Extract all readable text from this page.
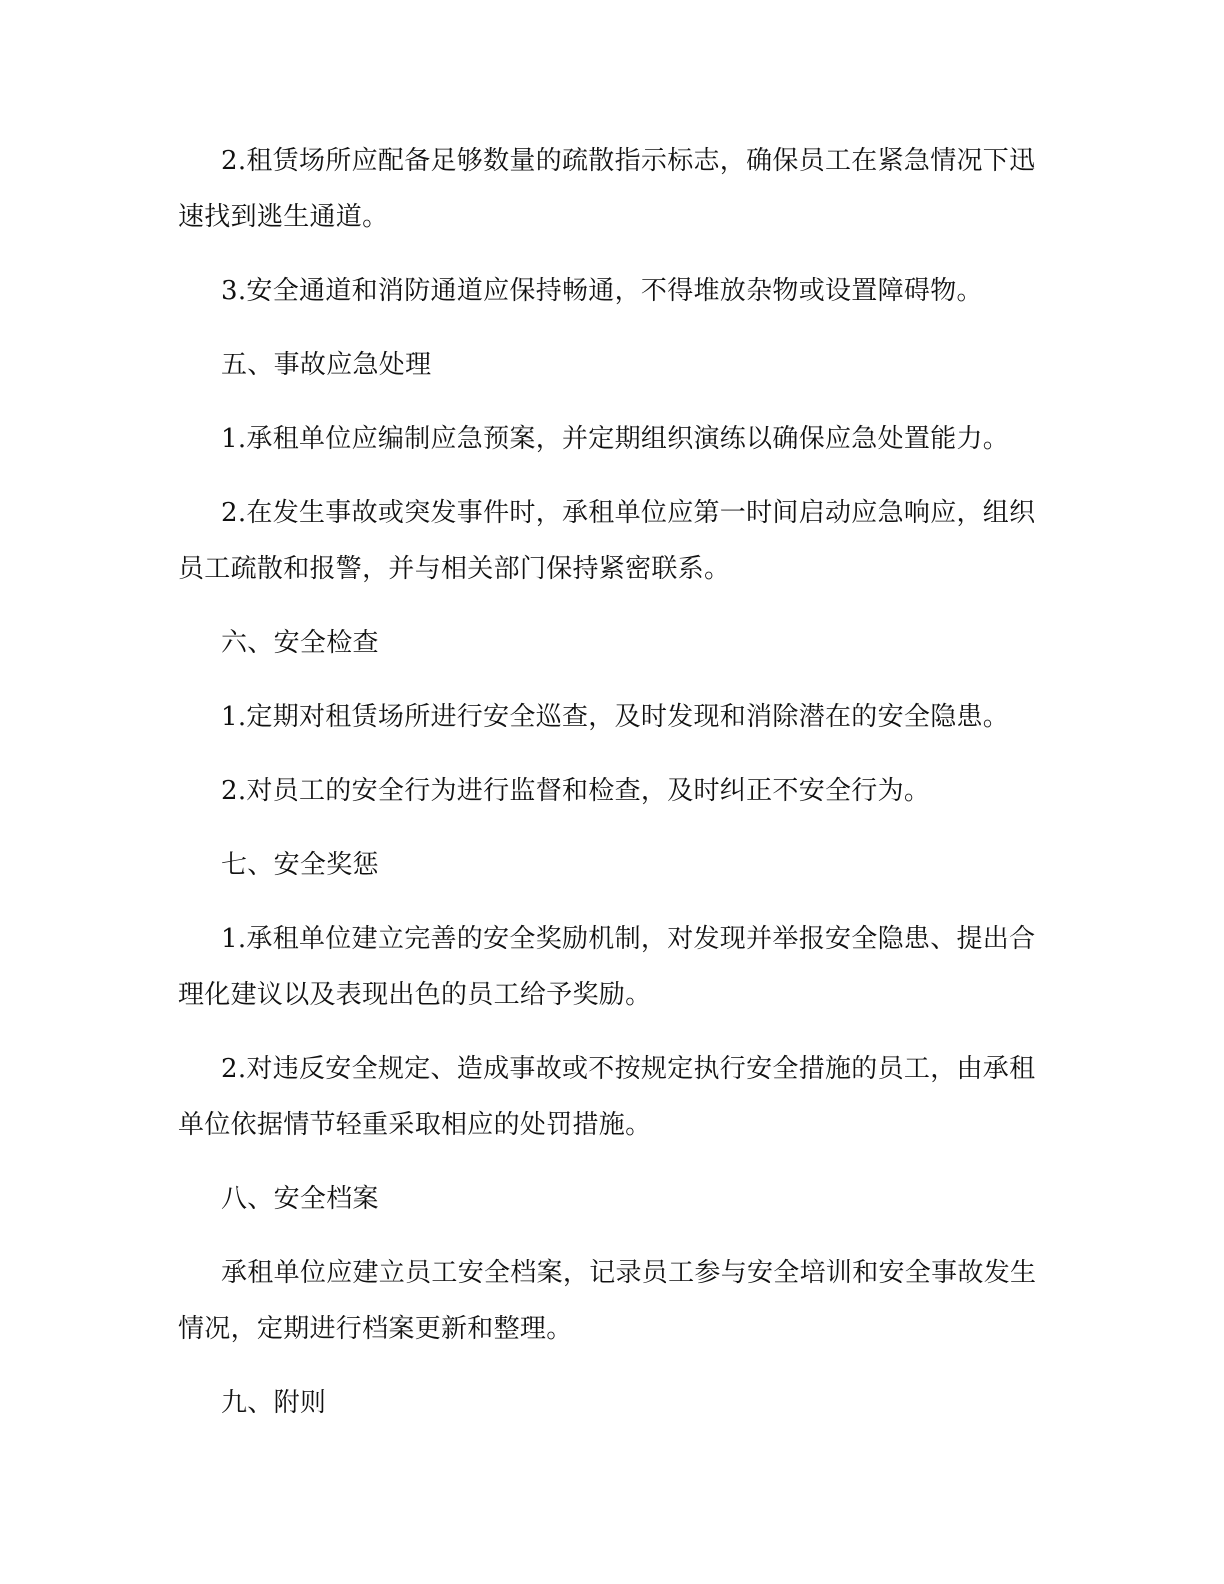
2.租赁场所应配备足够数量的疏散指示标志，确保员工在紧急情况下迅速找到逃生通道。

3.安全通道和消防通道应保持畅通，不得堆放杂物或设置障碍物。

五、事故应急处理

1.承租单位应编制应急预案，并定期组织演练以确保应急处置能力。

2.在发生事故或突发事件时，承租单位应第一时间启动应急响应，组织员工疏散和报警，并与相关部门保持紧密联系。

六、安全检查

1.定期对租赁场所进行安全巡查，及时发现和消除潜在的安全隐患。

2.对员工的安全行为进行监督和检查，及时纠正不安全行为。

七、安全奖惩

1.承租单位建立完善的安全奖励机制，对发现并举报安全隐患、提出合理化建议以及表现出色的员工给予奖励。

2.对违反安全规定、造成事故或不按规定执行安全措施的员工，由承租单位依据情节轻重采取相应的处罚措施。

八、安全档案

承租单位应建立员工安全档案，记录员工参与安全培训和安全事故发生情况，定期进行档案更新和整理。

九、附则
